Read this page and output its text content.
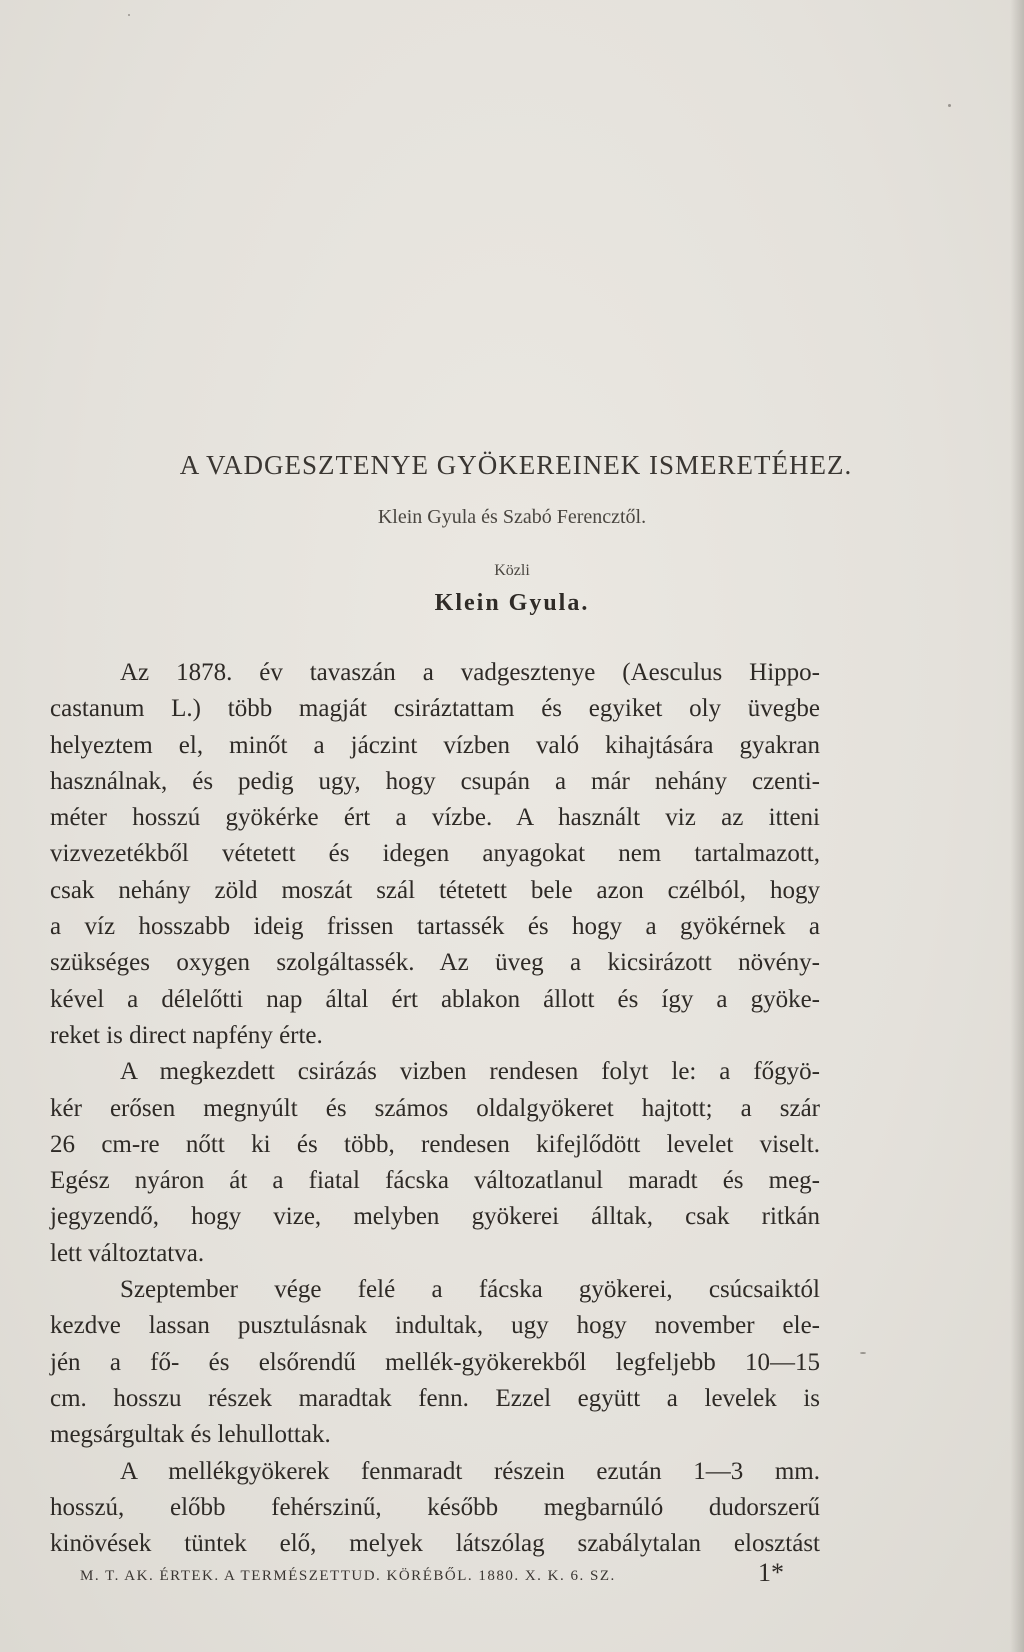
A VADGESZTENYE GYÖKEREINEK ISMERETÉHEZ.
Klein Gyula és Szabó Ferencztől.
Közli
Klein Gyula.
Az 1878. év tavaszán a vadgesztenye (Aesculus Hippo-
castanum L.) több magját csiráztattam és egyiket oly üvegbe
helyeztem el, minőt a jáczint vízben való kihajtására gyakran
használnak, és pedig ugy, hogy csupán a már nehány czenti-
méter hosszú gyökérke ért a vízbe. A használt viz az itteni
vizvezetékből vétetett és idegen anyagokat nem tartalmazott,
csak nehány zöld moszát szál tétetett bele azon czélból, hogy
a víz hosszabb ideig frissen tartassék és hogy a gyökérnek a
szükséges oxygen szolgáltassék. Az üveg a kicsirázott növény-
kével a délelőtti nap által ért ablakon állott és így a gyöke-
reket is direct napfény érte.
A megkezdett csirázás vizben rendesen folyt le: a főgyö-
kér erősen megnyúlt és számos oldalgyökeret hajtott; a szár
26 cm-re nőtt ki és több, rendesen kifejlődött levelet viselt.
Egész nyáron át a fiatal fácska változatlanul maradt és meg-
jegyzendő, hogy vize, melyben gyökerei álltak, csak ritkán
lett változtatva.
Szeptember vége felé a fácska gyökerei, csúcsaiktól
kezdve lassan pusztulásnak indultak, ugy hogy november ele-
jén a fő- és elsőrendű mellék-gyökerekből legfeljebb 10—15
cm. hosszu részek maradtak fenn. Ezzel együtt a levelek is
megsárgultak és lehullottak.
A mellékgyökerek fenmaradt részein ezután 1—3 mm.
hosszú, előbb fehérszinű, később megbarnúló dudorszerű
kinövések tüntek elő, melyek látszólag szabálytalan elosztást
M. T. AK. ÉRTEK. A TERMÉSZETTUD. KÖRÉBŐL. 1880. X. K. 6. SZ.	1*
